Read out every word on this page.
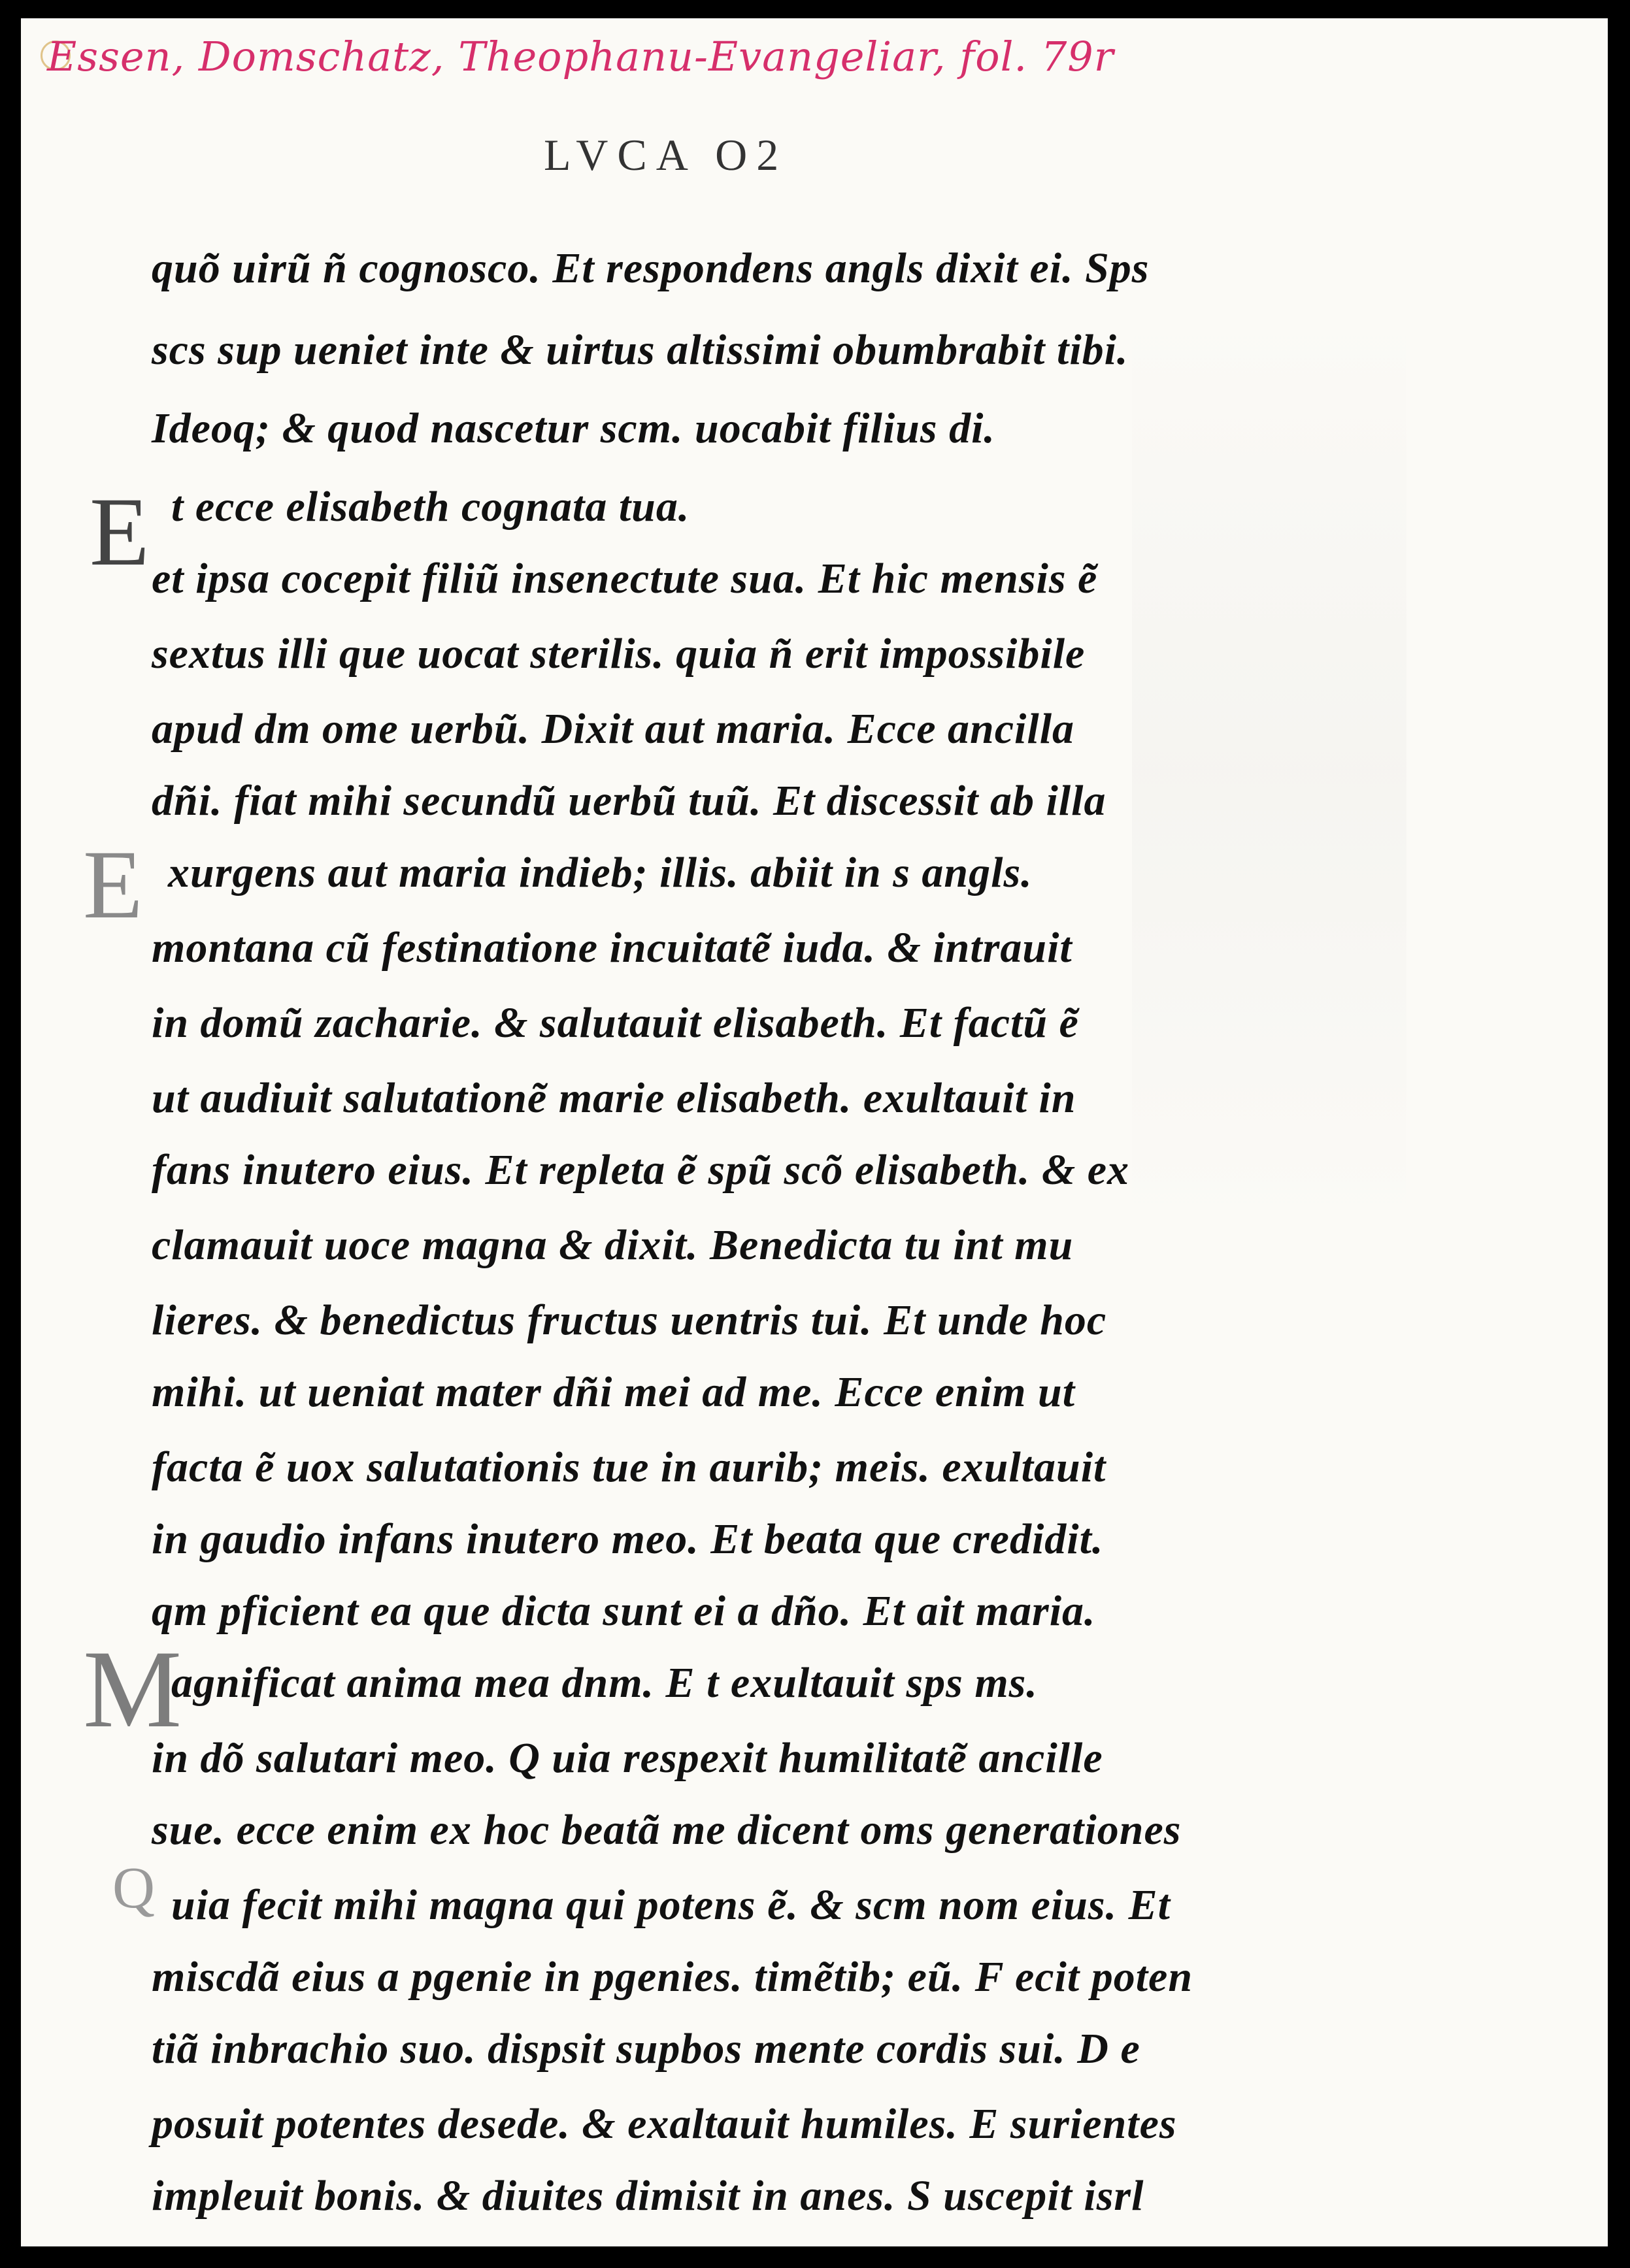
Essen, Domschatz, Theophanu-Evangeliar, fol. 79r
LVCA O2
E
E
M
Q
quõ uirũ ñ cognosco. Et respondens angls dixit ei. Sps
scs sup ueniet inte & uirtus altissimi obumbrabit tibi.
Ideoq; & quod nascetur scm. uocabit filius di.
t ecce elisabeth cognata tua.
et ipsa cocepit filiũ insenectute sua. Et hic mensis ẽ
sextus illi que uocat sterilis. quia ñ erit impossibile
apud dm ome uerbũ. Dixit aut maria. Ecce ancilla
dñi. fiat mihi secundũ uerbũ tuũ. Et discessit ab illa
xurgens aut maria indieb; illis. abiit in s angls.
montana cũ festinatione incuitatẽ iuda. & intrauit
in domũ zacharie. & salutauit elisabeth. Et factũ ẽ
ut audiuit salutationẽ marie elisabeth. exultauit in
fans inutero eius. Et repleta ẽ spũ scõ elisabeth. & ex
clamauit uoce magna & dixit. Benedicta tu int mu
lieres. & benedictus fructus uentris tui. Et unde hoc
mihi. ut ueniat mater dñi mei ad me. Ecce enim ut
facta ẽ uox salutationis tue in aurib; meis. exultauit
in gaudio infans inutero meo. Et beata que credidit.
qm pficient ea que dicta sunt ei a dño. Et ait maria.
agnificat anima mea dnm. E t exultauit sps ms.
in dõ salutari meo. Q uia respexit humilitatẽ ancille
sue. ecce enim ex hoc beatã me dicent oms generationes
uia fecit mihi magna qui potens ẽ. & scm nom eius. Et
miscdã eius a pgenie in pgenies. timẽtib; eũ. F ecit poten
tiã inbrachio suo. dispsit supbos mente cordis sui. D e
posuit potentes desede. & exaltauit humiles. E surientes
impleuit bonis. & diuites dimisit in anes. S uscepit isrl
